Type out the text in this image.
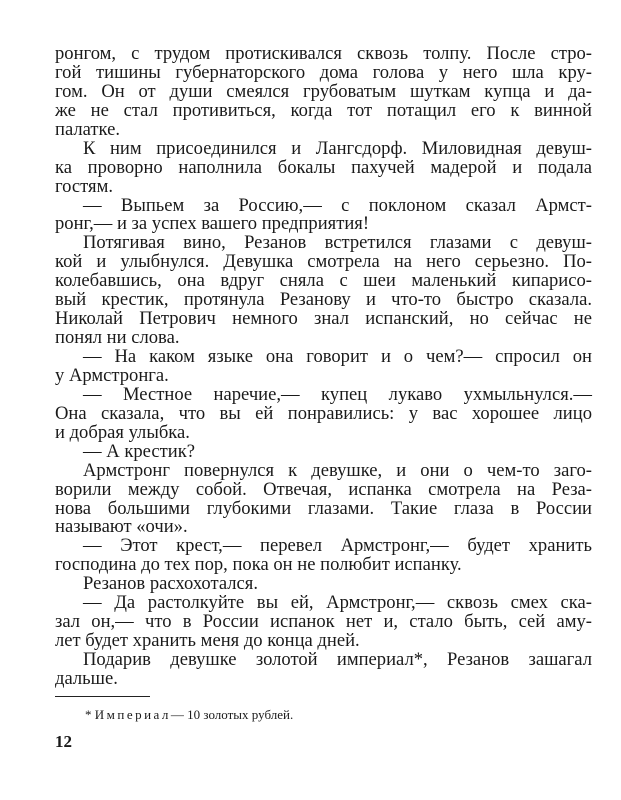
ронгом, с трудом протискивался сквозь толпу. После стро-
гой тишины губернаторского дома голова у него шла кру-
гом. Он от души смеялся грубоватым шуткам купца и да-
же не стал противиться, когда тот потащил его к винной
палатке.
К ним присоединился и Лангсдорф. Миловидная девуш-
ка проворно наполнила бокалы пахучей мадерой и подала
гостям.
— Выпьем за Россию,— с поклоном сказал Армст-
ронг,— и за успех вашего предприятия!
Потягивая вино, Резанов встретился глазами с девуш-
кой и улыбнулся. Девушка смотрела на него серьезно. По-
колебавшись, она вдруг сняла с шеи маленький кипарисо-
вый крестик, протянула Резанову и что-то быстро сказала.
Николай Петрович немного знал испанский, но сейчас не
понял ни слова.
— На каком языке она говорит и о чем?— спросил он
у Армстронга.
— Местное наречие,— купец лукаво ухмыльнулся.—
Она сказала, что вы ей понравились: у вас хорошее лицо
и добрая улыбка.
— А крестик?
Армстронг повернулся к девушке, и они о чем-то заго-
ворили между собой. Отвечая, испанка смотрела на Реза-
нова большими глубокими глазами. Такие глаза в России
называют «очи».
— Этот крест,— перевел Армстронг,— будет хранить
господина до тех пор, пока он не полюбит испанку.
Резанов расхохотался.
— Да растолкуйте вы ей, Армстронг,— сквозь смех ска-
зал он,— что в России испанок нет и, стало быть, сей аму-
лет будет хранить меня до конца дней.
Подарив девушке золотой империал*, Резанов зашагал
дальше.
* Империал— 10 золотых рублей.
12
